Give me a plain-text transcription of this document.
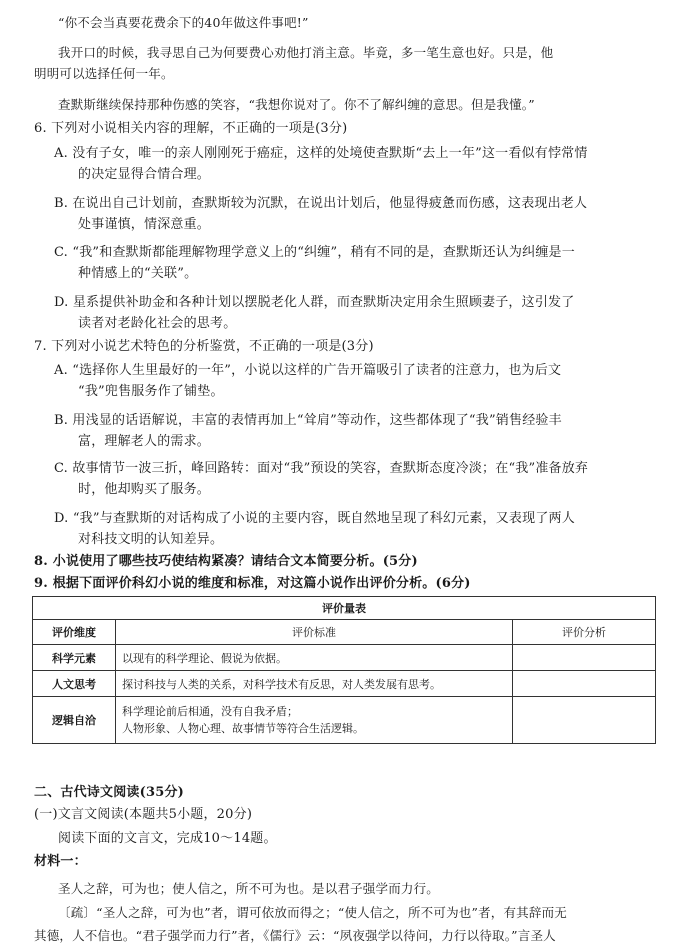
“你不会当真要花费余下的40年做这件事吧!”
我开口的时候，我寻思自己为何要费心劝他打消主意。毕竟，多一笔生意也好。只是，他
明明可以选择任何一年。
查默斯继续保持那种伤感的笑容，“我想你说对了。你不了解纠缠的意思。但是我懂。”
6. 下列对小说相关内容的理解，不正确的一项是(3分)
A. 没有子女，唯一的亲人刚刚死于癌症，这样的处境使查默斯“去上一年”这一看似有悖常情
的决定显得合情合理。
B. 在说出自己计划前，查默斯较为沉默，在说出计划后，他显得疲惫而伤感，这表现出老人
处事谨慎，情深意重。
C. “我”和查默斯都能理解物理学意义上的“纠缠”，稍有不同的是，查默斯还认为纠缠是一
种情感上的“关联”。
D. 星系提供补助金和各种计划以摆脱老化人群，而查默斯决定用余生照顾妻子，这引发了
读者对老龄化社会的思考。
7. 下列对小说艺术特色的分析鉴赏，不正确的一项是(3分)
A. “选择你人生里最好的一年”，小说以这样的广告开篇吸引了读者的注意力，也为后文
“我”兜售服务作了铺垫。
B. 用浅显的话语解说，丰富的表情再加上“耸肩”等动作，这些都体现了“我”销售经验丰
富，理解老人的需求。
C. 故事情节一波三折，峰回路转：面对“我”预设的笑容，查默斯态度冷淡；在“我”准备放弃
时，他却购买了服务。
D. “我”与查默斯的对话构成了小说的主要内容，既自然地呈现了科幻元素，又表现了两人
对科技文明的认知差异。
8. 小说使用了哪些技巧使结构紧凑？请结合文本简要分析。(5分)
9. 根据下面评价科幻小说的维度和标准，对这篇小说作出评价分析。(6分)
评价量表		
评价维度	评价标准	评价分析
科学元素	以现有的科学理论、假说为依据。	
人文思考	探讨科技与人类的关系，对科学技术有反思，对人类发展有思考。	
逻辑自洽	科学理论前后相通，没有自我矛盾；
人物形象、人物心理、故事情节等符合生活逻辑。	

二、古代诗文阅读(35分)
(一)文言文阅读(本题共5小题，20分)
阅读下面的文言文，完成10～14题。
材料一：
圣人之辞，可为也；使人信之，所不可为也。是以君子强学而力行。
〔疏〕“圣人之辞，可为也”者，谓可依放而得之；“使人信之，所不可为也”者，有其辞而无
其德，人不信也。“君子强学而力行”者，《儒行》云：“夙夜强学以待问，力行以待取。”言圣人
